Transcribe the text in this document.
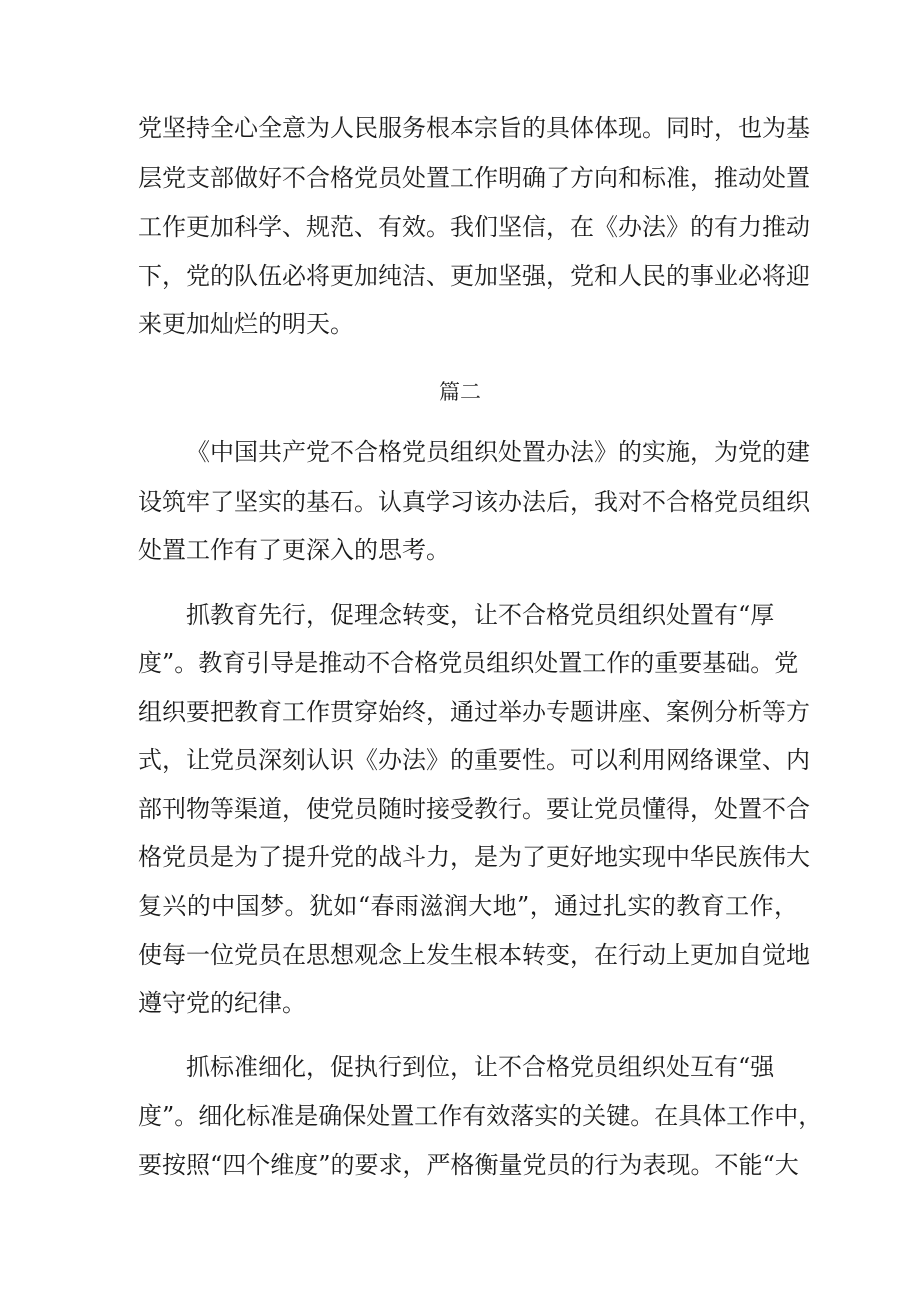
党坚持全心全意为人民服务根本宗旨的具体体现。同时，也为基
层党支部做好不合格党员处置工作明确了方向和标准，推动处置
工作更加科学、规范、有效。我们坚信，在《办法》的有力推动
下，党的队伍必将更加纯洁、更加坚强，党和人民的事业必将迎
来更加灿烂的明天。
篇二
《中国共产党不合格党员组织处置办法》的实施，为党的建
设筑牢了坚实的基石。认真学习该办法后，我对不合格党员组织
处置工作有了更深入的思考。
抓教育先行，促理念转变，让不合格党员组织处置有“厚
度”。教育引导是推动不合格党员组织处置工作的重要基础。党
组织要把教育工作贯穿始终，通过举办专题讲座、案例分析等方
式，让党员深刻认识《办法》的重要性。可以利用网络课堂、内
部刊物等渠道，使党员随时接受教行。要让党员懂得，处置不合
格党员是为了提升党的战斗力，是为了更好地实现中华民族伟大
复兴的中国梦。犹如“春雨滋润大地”，通过扎实的教育工作，
使每一位党员在思想观念上发生根本转变，在行动上更加自觉地
遵守党的纪律。
抓标准细化，促执行到位，让不合格党员组织处互有“强
度”。细化标准是确保处置工作有效落实的关键。在具体工作中，
要按照“四个维度”的要求，严格衡量党员的行为表现。不能“大
